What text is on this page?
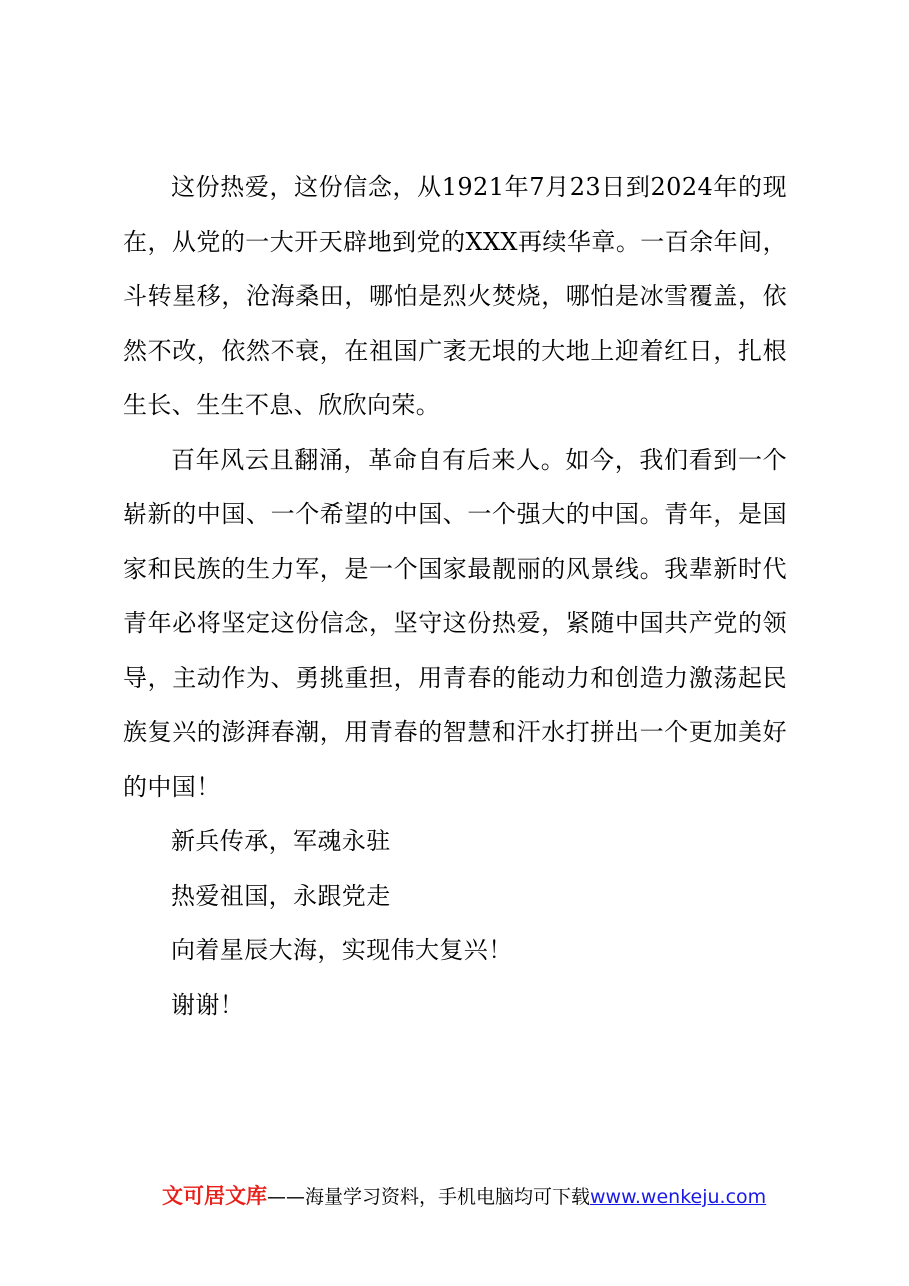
这份热爱，这份信念，从1921年7月23日到2024年的现在，从党的一大开天辟地到党的XXX再续华章。一百余年间，斗转星移，沧海桑田，哪怕是烈火焚烧，哪怕是冰雪覆盖，依然不改，依然不衰，在祖国广袤无垠的大地上迎着红日，扎根生长、生生不息、欣欣向荣。

百年风云且翻涌，革命自有后来人。如今，我们看到一个崭新的中国、一个希望的中国、一个强大的中国。青年，是国家和民族的生力军，是一个国家最靓丽的风景线。我辈新时代青年必将坚定这份信念，坚守这份热爱，紧随中国共产党的领导，主动作为、勇挑重担，用青春的能动力和创造力激荡起民族复兴的澎湃春潮，用青春的智慧和汗水打拼出一个更加美好的中国！

新兵传承，军魂永驻

热爱祖国，永跟党走

向着星辰大海，实现伟大复兴！

谢谢！

文可居文库——海量学习资料，手机电脑均可下载www.wenkeju.com
